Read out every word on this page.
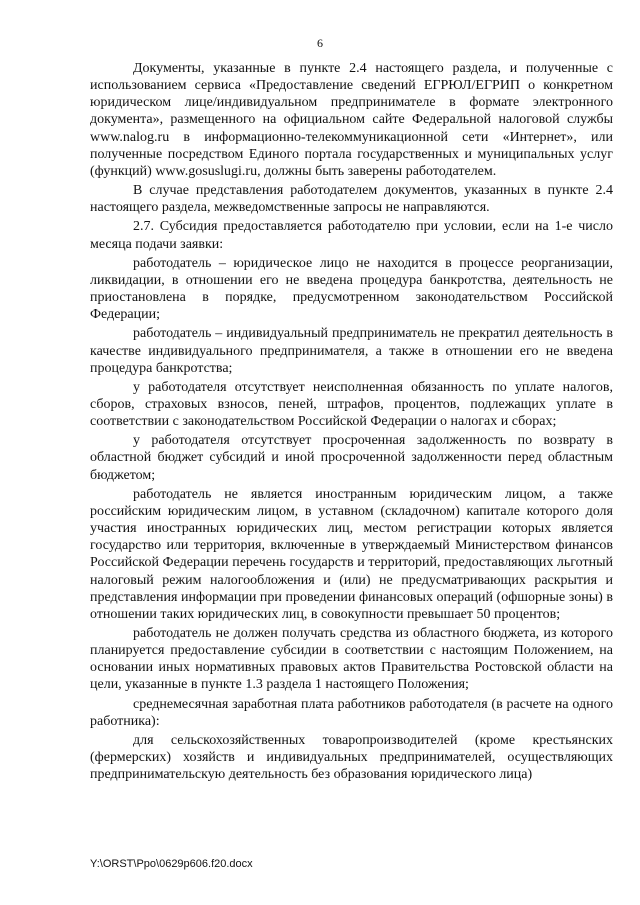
6

Документы, указанные в пункте 2.4 настоящего раздела, и полученные с использованием сервиса «Предоставление сведений ЕГРЮЛ/ЕГРИП о конкретном юридическом лице/индивидуальном предпринимателе в формате электронного документа», размещенного на официальном сайте Федеральной налоговой службы www.nalog.ru в информационно-телекоммуникационной сети «Интернет», или полученные посредством Единого портала государственных и муниципальных услуг (функций) www.gosuslugi.ru, должны быть заверены работодателем.

В случае представления работодателем документов, указанных в пункте 2.4 настоящего раздела, межведомственные запросы не направляются.

2.7. Субсидия предоставляется работодателю при условии, если на 1-е число месяца подачи заявки:

работодатель – юридическое лицо не находится в процессе реорганизации, ликвидации, в отношении его не введена процедура банкротства, деятельность не приостановлена в порядке, предусмотренном законодательством Российской Федерации;

работодатель – индивидуальный предприниматель не прекратил деятельность в качестве индивидуального предпринимателя, а также в отношении его не введена процедура банкротства;

у работодателя отсутствует неисполненная обязанность по уплате налогов, сборов, страховых взносов, пеней, штрафов, процентов, подлежащих уплате в соответствии с законодательством Российской Федерации о налогах и сборах;

у работодателя отсутствует просроченная задолженность по возврату в областной бюджет субсидий и иной просроченной задолженности перед областным бюджетом;

работодатель не является иностранным юридическим лицом, а также российским юридическим лицом, в уставном (складочном) капитале которого доля участия иностранных юридических лиц, местом регистрации которых является государство или территория, включенные в утверждаемый Министерством финансов Российской Федерации перечень государств и территорий, предоставляющих льготный налоговый режим налогообложения и (или) не предусматривающих раскрытия и представления информации при проведении финансовых операций (офшорные зоны) в отношении таких юридических лиц, в совокупности превышает 50 процентов;

работодатель не должен получать средства из областного бюджета, из которого планируется предоставление субсидии в соответствии с настоящим Положением, на основании иных нормативных правовых актов Правительства Ростовской области на цели, указанные в пункте 1.3 раздела 1 настоящего Положения;

среднемесячная заработная плата работников работодателя (в расчете на одного работника):

для сельскохозяйственных товаропроизводителей (кроме крестьянских (фермерских) хозяйств и индивидуальных предпринимателей, осуществляющих предпринимательскую деятельность без образования юридического лица)

Y:\ORST\Ppo\0629p606.f20.docx
